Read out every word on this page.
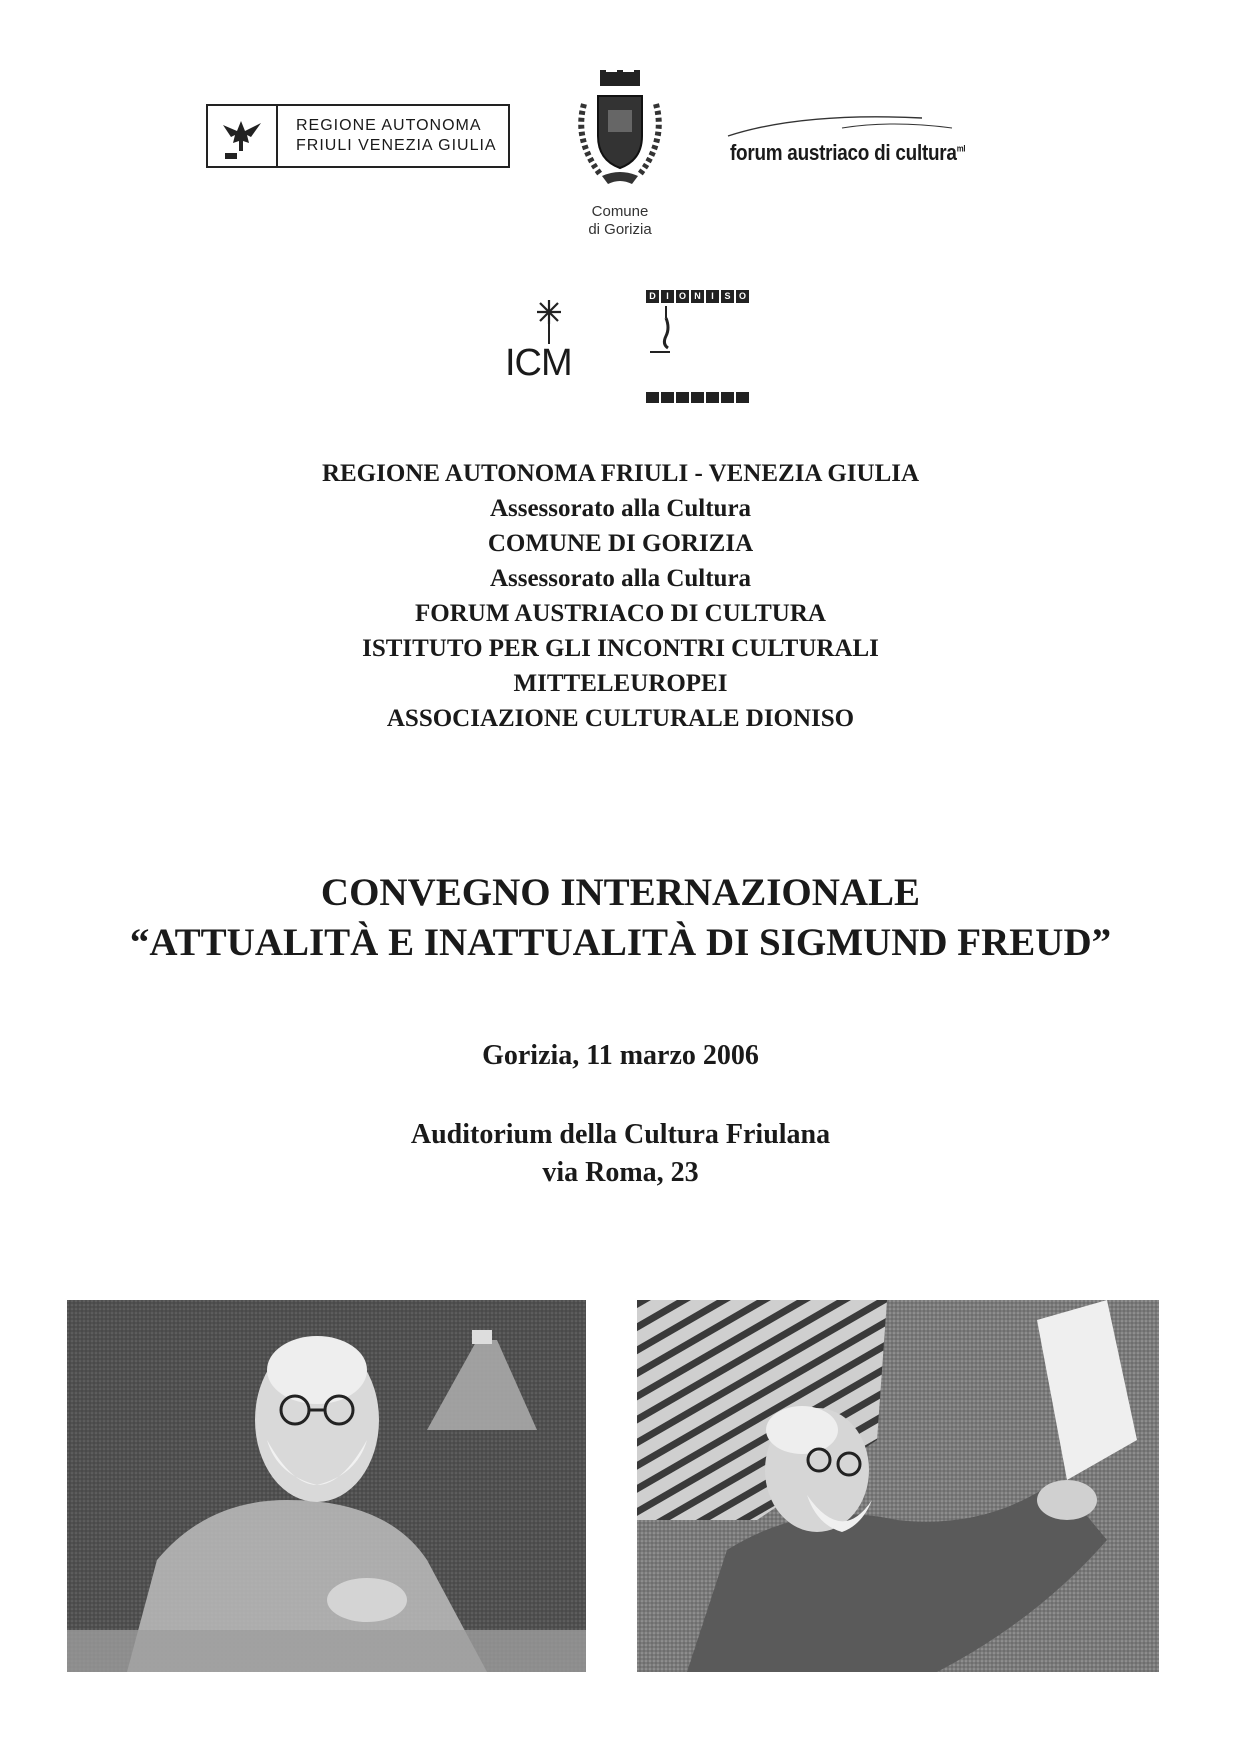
REGIONE AUTONOMA
FRIULI VENEZIA GIULIA
Comune
di Gorizia
forum austriaco di cultura$^{ml}$
ICM
D	I	O N	I	S O
REGIONE AUTONOMA FRIULI - VENEZIA GIULIA
Assessorato alla Cultura
COMUNE DI GORIZIA
Assessorato alla Cultura
FORUM AUSTRIACO DI CULTURA
ISTITUTO PER GLI INCONTRI CULTURALI
MITTELEUROPEI
ASSOCIAZIONE CULTURALE DIONISO
CONVEGNO INTERNAZIONALE
“ATTUALITÀ E INATTUALITÀ DI SIGMUND FREUD”
Gorizia, 11 marzo 2006
Auditorium della Cultura Friulana
via Roma, 23
